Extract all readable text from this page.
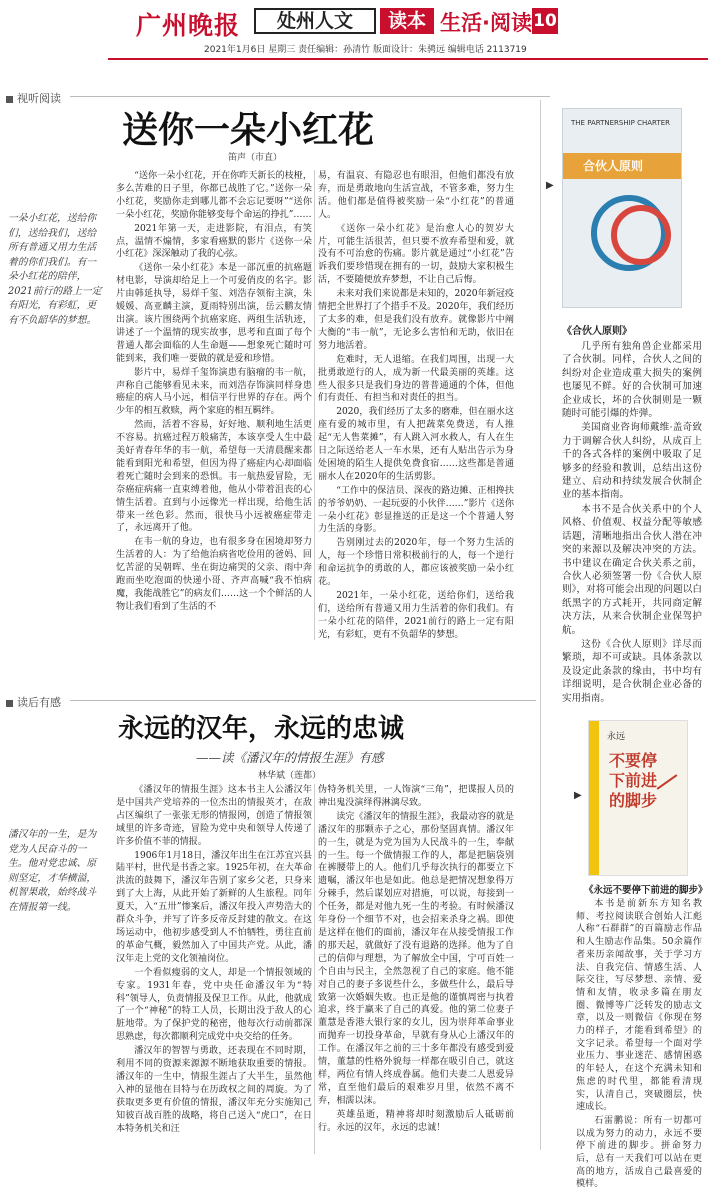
广州晚报	处州人文	读本 生活·阅读 10
2021年1月6日 星期三 责任编辑：孙清竹 版面设计：朱骋远 编辑电话 2113719
视听阅读
送你一朵小红花
笛声（市直）
一朵小红花，送给你们，送给我们，送给所有普通又用力生活着的你们我们。有一朵小红花的陪伴，2021前行的路上一定有阳光，有彩虹，更有不负韶华的梦想。

“送你一朵小红花，开在你昨天新长的枝桠，多么苦难的日子里，你都已战胜了它。”送你一朵小红花，奖励你走到哪儿都不会忘记要呀”“送你一朵小红花，奖励你能够变每个命运的挣扎”……

2021年第一天，走进影院，有泪点，有笑点，温情不煽情，多家看癌默的影片《送你一朵小红花》深深触动了我的心弦。

《送你一朵小红花》本是一部沉重的抗癌题材电影，导演却给足上一个可爱俏皮的名字。影片由韩延执导，易烊千玺、刘浩存领衔主演，朱媛媛、高亚麟主演，夏雨特别出演，岳云鹏友情出演。该片围绕两个抗癌家庭、两组生活轨迹，讲述了一个温情的现实故事，思考和直面了每个普通人都会面临的人生命题——想象死亡随时可能到来，我们唯一要做的就是爱和珍惜。

影片中，易烊千玺饰演患有脑瘤的韦一航，声称自己能够看见未来，而刘浩存饰演同样身患癌症的病人马小远，相信平行世界的存在。两个少年的相互救赎，两个家庭的相互羁绊。

然而，活着不容易，好好地、顺利地生活更不容易。抗癌过程万般痛苦，本该享受人生中最美好青春年华的韦一航，希望每一天清晨醒来都能看到阳光和希望，但因为得了癌症内心却面临着死亡随时会到来的恐惧。韦一航热爱冒险，无奈癌症病痛一直束缚着他，他从小带着沮丧的心情生活着。直到与小远像光一样出现，给他生活带来一丝色彩。然而，很快马小远被癌症带走了，永远离开了他。

在韦一航的身边，也有很多身在困境却努力生活着的人：为了给他治病省吃俭用的爸妈、回忆苦涩的吴朝晖、坐在街边痛哭的父亲、雨中奔跑而坐吃泡面的快递小哥、齐声高喊“我不怕病魔，我能战胜它”的病友们……这一个个鲜活的人物让我们看到了生活的不

易，有温哀、有隐忍也有眼泪，但他们都没有放弃，而是勇敢地向生活宣战，不管多难，努力生活。他们都是值得被奖励一朵“小红花”的普通人。

《送你一朵小红花》是治愈人心的贺岁大片，可能生活很苦，但只要不放弃希望和爱，就没有不可治愈的伤痛。影片就是通过“小红花”告诉我们要珍惜现在拥有的一切，鼓励大家积极生活，不要随便放弃梦想，不让自己后悔。

未来对我们来说都是未知的，2020年新冠疫情把全世界打了个措手不及。2020年，我们经历了太多的难，但是我们没有放弃。就像影片中阐大衡的“韦一航”，无论多么害怕和无助，依旧在努力地活着。

危难时，无人退缩。在我们周围，出现一大批勇敢逆行的人，成为新一代最美丽的英雄。这些人很多只是我们身边的普普通通的个体，但他们有责任、有担当和对责任的担当。

2020，我们经历了太多的磨难，但在丽水这座有爱的城市里，有人把蔬菜免费送，有人推起“无人售菜摊”，有人跳入河水救人，有人在生日之际送给老人一车水果，还有人贴出告示为身处困境的陌生人提供免费食宿……这些都是普通丽水人在2020年的生活剪影。

“工作中的保洁员、深夜的路边摊、正相搀扶的爷爷奶奶、一起玩耍的小伙伴……”影片《送你一朵小红花》彰显推送的正是这一个个普通人努力生活的身影。

告别刚过去的2020年，每一个努力生活的人，每一个珍惜日常积极前行的人，每一个逆行和命运抗争的勇敢的人，都应该被奖励一朵小红花。

2021年，一朵小红花，送给你们，送给我们，送给所有普通又用力生活着的你们我们。有一朵小红花的陪伴，2021前行的路上一定有阳光，有彩虹，更有不负韶华的梦想。

▶
THE PARTNERSHIP CHARTER
合伙人原则
《合伙人原则》

几乎所有独角兽企业都采用了合伙制。同样，合伙人之间的纠纷对企业造成重大损失的案例也屡见不鲜。好的合伙制可加速企业成长，坏的合伙制则是一颗随时可能引爆的炸弹。

美国商业咨询师戴维·盖奇致力于调解合伙人纠纷，从成百上千的各式各样的案例中吸取了足够多的经验和教训，总结出这份建立、启动和持续发展合伙制企业的基本指南。

本书不是合伙关系中的个人风格、价值观、权益分配等敏感话题，清晰地指出合伙人潜在冲突的来源以及解决冲突的方法。书中建议在确定合伙关系之前，合伙人必须签署一份《合伙人原则》，对将可能会出现的问题以白纸黑字的方式耗开，共同商定解决方法，从来合伙制企业保驾护航。

这份《合伙人原则》详尽而繁琐，却不可或缺。具体条款以及设定此条款的缘由，书中均有详细说明，是合伙制企业必备的实用指南。

读后有感
永远的汉年，永远的忠诚
——读《潘汉年的情报生涯》有感
林华斌（莲都）
潘汉年的一生，是为党为人民奋斗的一生。他对党忠诚、原则坚定，才华横溢，机智果敢，始终战斗在情报第一线。

《潘汉年的情报生涯》这本书主人公潘汉年是中国共产党培养的一位杰出的情报英才，在敌占区编织了一张张无形的情报网，创造了情报领域里的许多奇迹，冒险为党中央和领导人传递了许多价值不菲的情报。

1906年1月18日，潘汉年出生在江苏宜兴县陆平村，世代是书香之家。1925年初，在大革命洪流的鼓舞下，潘汉年告别了家乡父老，只身来到了大上海，从此开始了新鲜的人生旅程。同年夏天，入“五卅”惨案后，潘汉年投入声势浩大的群众斗争，并写了许多反帝反封建的散文。在这场运动中，他初步感受到人不怕牺牲，勇往直前的革命气概，毅然加入了中国共产党。从此，潘汉年走上党的文化领袖岗位。

一个看似瘦弱的文人，却是一个情报领域的专家。1931年春，党中央任命潘汉年为“特科”领导人，负责情报及保卫工作。从此，他就成了一个“神秘”的特工人员，长期出没于敌人的心脏地带。为了保护党的秘密，他每次行动前都深思熟虑，每次都顺利完成党中央交给的任务。

潘汉年的智智与勇敢，还表现在不同时期，利用不同的资源来源源不断地获取重要的情报。潘汉年的一生中，情报生涯占了大半生，虽然他入神的显他在目特与在历政权之间的周旋。为了获取更多更有价值的情报，潘汉年充分实施知己知彼百战百胜的战略，将自己送入“虎口”，在日本特务机关和汪

伪特务机关里，一人饰演“三角”，把谍报人员的神出鬼没演绎得淋漓尽致。

读完《潘汉年的情报生涯》，我最动容的就是潘汉年的那颗赤子之心，那份坚固真情。潘汉年的一生，就是为党为国为人民战斗的一生，奉献的一生。每一个做情报工作的人，都是把脑袋别在裤腰带上的人。他们几乎每次执行的都要立下遗嘱，潘汉年也是如此。他总是把情况想象得万分棘手，然后谋划应对措施，可以说，每接到一个任务，都是对他九死一生的考验。有时候潘汉年身份一个细节不对，也会招来杀身之祸。即使是这样在他们的面前，潘汉年在从接受情报工作的那天起，就做好了没有退路的选择。他为了自己的信仰与理想，为了解放全中国，宁可百姓一个自由与民主，全然忽视了自己的家庭。他不能对自己的妻子多说些什么，多做些什么，最后导致第一次婚姻失败。也正是他的谨慎周密与执着追求，终于赢来了自己的真爱。他的第二位妻子董慧是香港大银行家的女儿，因为崇拜革命事业而抛弃一切投身革命，早就有身从心上潘汉年的工作。在潘汉年之前的三十多年都没有感受到爱情，董慧的性格外貌每一样都在吸引自己，就这样，两位有情人终成眷属。他们夫妻二人恩爱异常，直至他们最后的艰难岁月里，依然不离不弃，相濡以沫。

英雄虽逝，精神将却时刻激励后人砥砺前行。永远的汉年，永远的忠诚！

▶
永远
不要停下前进的脚步
《永远不要停下前进的脚步》

本书是前新东方知名教师、考拉阅读联合创始人江彪人称“石群群”的百篇励志作品和人生励志作品集。50余篇作者来历亲闻故事，关于学习方法、自我完信、情感生活、人际交往，写尽梦想、亲情、爱情和友情，收录多篇在朋友圈、微博等广泛转发的励志文章，以及一则微信《你现在努力的样子，才能看到希望》的文字记录。希望每一个面对学业压力、事业迷茫、感情困惑的年轻人，在这个充满未知和焦虑的时代里，都能看清现实，认清自己，突破圈层，快速成长。

石雷鹏说：所有一切都可以成为努力的动力，永远不要停下前进的脚步。拼命努力后，总有一天我们可以站在更高的地方，活成自己最喜爱的模样。
